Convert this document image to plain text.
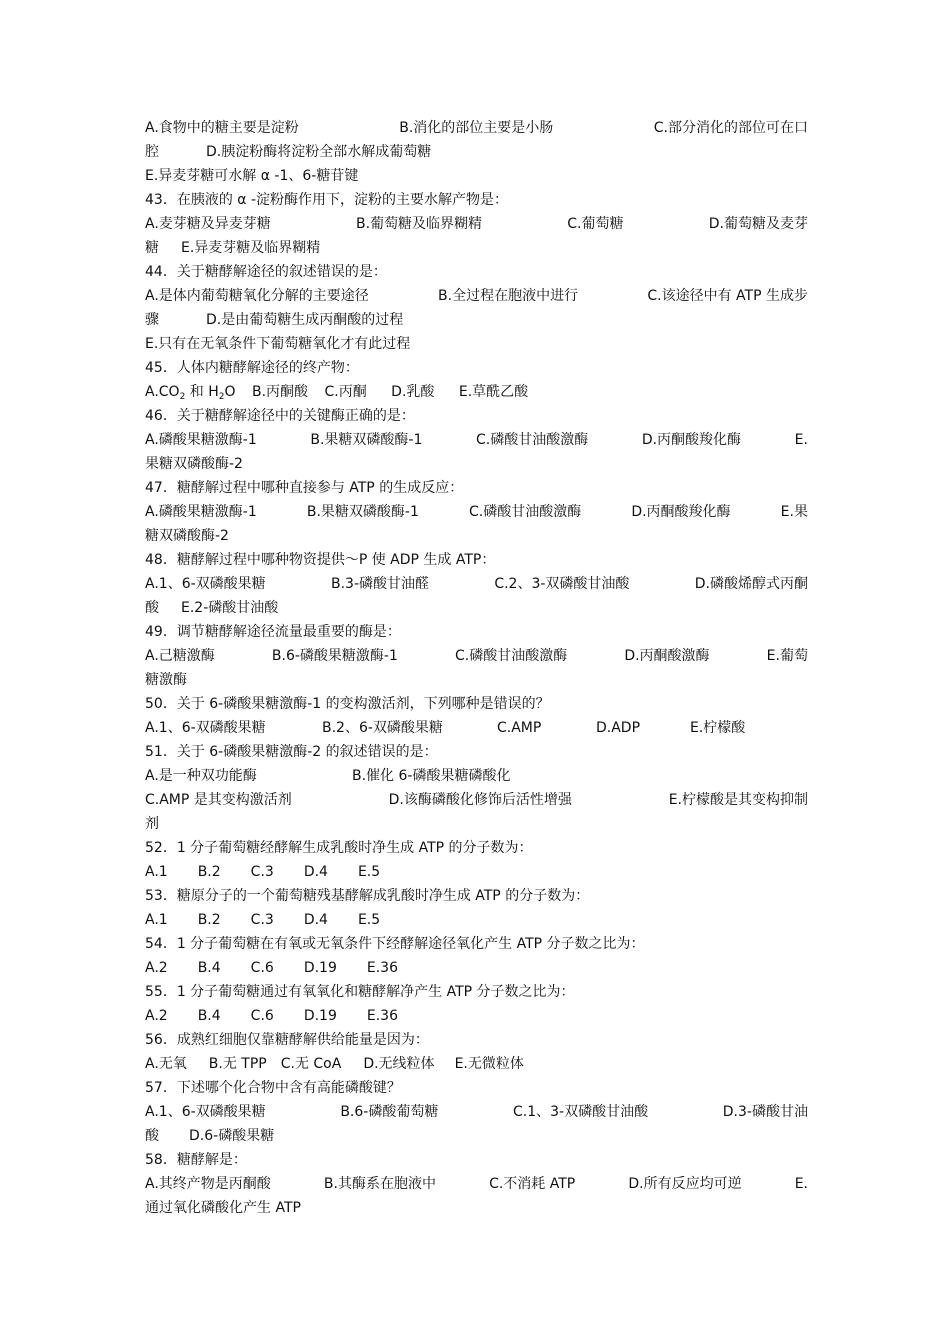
A.食物中的糖主要是淀粉	B.消化的部位主要是小肠	C.部分消化的部位可在口
腔	D.胰淀粉酶将淀粉全部水解成葡萄糖
E.异麦芽糖可水解 α -1、6-糖苷键
43．在胰液的 α -淀粉酶作用下，淀粉的主要水解产物是：
A.麦芽糖及异麦芽糖	B.葡萄糖及临界糊精	C.葡萄糖	D.葡萄糖及麦芽
糖 E.异麦芽糖及临界糊精
44．关于糖酵解途径的叙述错误的是：
A.是体内葡萄糖氧化分解的主要途径	B.全过程在胞液中进行	C.该途径中有 ATP 生成步
骤	D.是由葡萄糖生成丙酮酸的过程
E.只有在无氧条件下葡萄糖氧化才有此过程
45．人体内糖酵解途径的终产物：
$A.CO_2$ 和 $H_2O$ B.丙酮酸 C.丙酮 D.乳酸 E.草酰乙酸
46．关于糖酵解途径中的关键酶正确的是：
A.磷酸果糖激酶-1	B.果糖双磷酸酶-1	C.磷酸甘油酸激酶	D.丙酮酸羧化酶	E.
果糖双磷酸酶-2
47．糖酵解过程中哪种直接参与 ATP 的生成反应：
A.磷酸果糖激酶-1	B.果糖双磷酸酶-1	C.磷酸甘油酸激酶	D.丙酮酸羧化酶	E.果
糖双磷酸酶-2
48．糖酵解过程中哪种物资提供～P 使 ADP 生成 ATP：
A.1、6-双磷酸果糖	B.3-磷酸甘油醛	C.2、3-双磷酸甘油酸	D.磷酸烯醇式丙酮
酸 E.2-磷酸甘油酸
49．调节糖酵解途径流量最重要的酶是：
A.己糖激酶	B.6-磷酸果糖激酶-1	C.磷酸甘油酸激酶	D.丙酮酸激酶	E.葡萄
糖激酶
50．关于 6-磷酸果糖激酶-1 的变构激活剂，下列哪种是错误的？
A.1、6-双磷酸果糖	B.2、6-双磷酸果糖	C.AMP	D.ADP	E.柠檬酸
51．关于 6-磷酸果糖激酶-2 的叙述错误的是：
A.是一种双功能酶	B.催化 6-磷酸果糖磷酸化
C.AMP 是其变构激活剂	D.该酶磷酸化修饰后活性增强	E.柠檬酸是其变构抑制
剂
52．1 分子葡萄糖经酵解生成乳酸时净生成 ATP 的分子数为：
A.1 B.2 C.3 D.4 E.5
53．糖原分子的一个葡萄糖残基酵解成乳酸时净生成 ATP 的分子数为：
A.1 B.2 C.3 D.4 E.5
54．1 分子葡萄糖在有氧或无氧条件下经酵解途径氧化产生 ATP 分子数之比为：
A.2 B.4 C.6 D.19 E.36
55．1 分子葡萄糖通过有氧氧化和糖酵解净产生 ATP 分子数之比为：
A.2 B.4 C.6 D.19 E.36
56．成熟红细胞仅靠糖酵解供给能量是因为：
A.无氧 B.无 TPP C.无 CoA D.无线粒体 E.无微粒体
57．下述哪个化合物中含有高能磷酸键？
A.1、6-双磷酸果糖	B.6-磷酸葡萄糖	C.1、3-双磷酸甘油酸	D.3-磷酸甘油
酸 D.6-磷酸果糖
58．糖酵解是：
A.其终产物是丙酮酸	B.其酶系在胞液中	C.不消耗 ATP	D.所有反应均可逆	E.
通过氧化磷酸化产生 ATP
